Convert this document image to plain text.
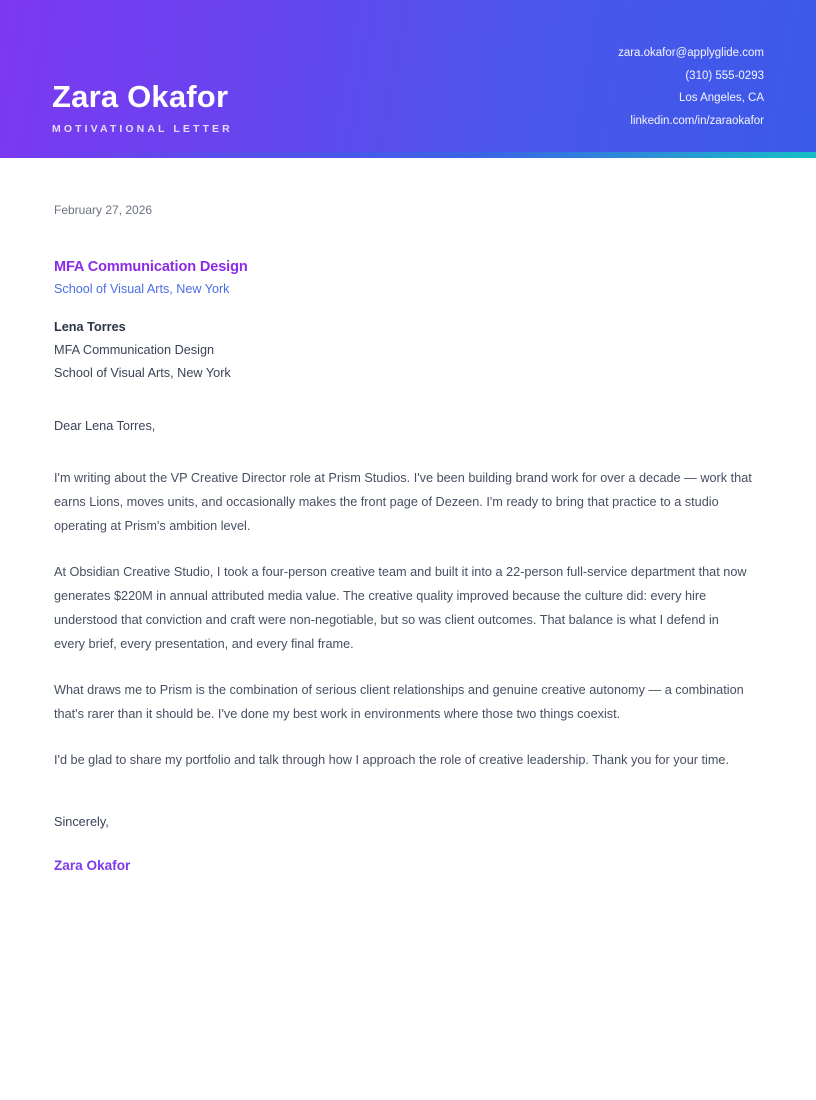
Zara Okafor
MOTIVATIONAL LETTER
zara.okafor@applyglide.com
(310) 555-0293
Los Angeles, CA
linkedin.com/in/zaraokafor
February 27, 2026
MFA Communication Design
School of Visual Arts, New York
Lena Torres
MFA Communication Design
School of Visual Arts, New York
Dear Lena Torres,
I'm writing about the VP Creative Director role at Prism Studios. I've been building brand work for over a decade — work that earns Lions, moves units, and occasionally makes the front page of Dezeen. I'm ready to bring that practice to a studio operating at Prism's ambition level.
At Obsidian Creative Studio, I took a four-person creative team and built it into a 22-person full-service department that now generates $220M in annual attributed media value. The creative quality improved because the culture did: every hire understood that conviction and craft were non-negotiable, but so was client outcomes. That balance is what I defend in every brief, every presentation, and every final frame.
What draws me to Prism is the combination of serious client relationships and genuine creative autonomy — a combination that's rarer than it should be. I've done my best work in environments where those two things coexist.
I'd be glad to share my portfolio and talk through how I approach the role of creative leadership. Thank you for your time.
Sincerely,
Zara Okafor
